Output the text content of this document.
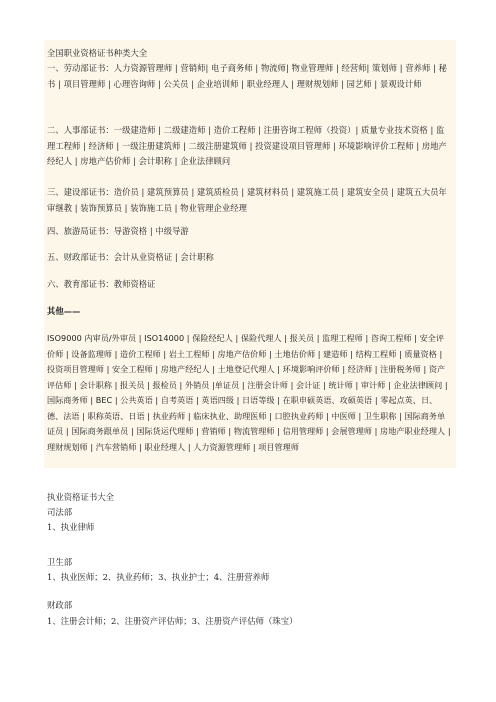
全国职业资格证书种类大全
一、劳动部证书：人力资源管理师 | 营销师| 电子商务师 | 物流师| 物业管理师 | 经营师| 策划师 | 营养师 | 秘书 | 项目管理师 | 心理咨询师 | 公关员 | 企业培训师 | 职业经理人 | 理财规划师 | 园艺师 | 景观设计师
二、人事部证书：一级建造师 | 二级建造师 | 造价工程师 | 注册咨询工程师（投资）| 质量专业技术资格 | 监理工程师 | 经济师 | 一级注册建筑师 | 二级注册建筑师 | 投资建设项目管理师 | 环境影响评价工程师 | 房地产经纪人 | 房地产估价师 | 会计职称 | 企业法律顾问
三、建设部证书：造价员 | 建筑预算员 | 建筑质检员 | 建筑材料员 | 建筑施工员 | 建筑安全员 | 建筑五大员年审继教 | 装饰预算员 | 装饰施工员 | 物业管理企业经理
四、旅游局证书：导游资格 | 中级导游
五、财政部证书：会计从业资格证 | 会计职称
六、教育部证书：教师资格证
其他——
ISO9000 内审员/外审员 | ISO14000 | 保险经纪人 | 保险代理人 | 报关员 | 监理工程师 | 咨询工程师 | 安全评价师 | 设备监理师 | 造价工程师 | 岩土工程师 | 房地产估价师 | 土地估价师 | 建造师 | 结构工程师 | 质量资格 | 投资项目管理师 | 安全工程师 | 房地产经纪人 | 土地登记代理人 | 环境影响评价师 | 经济师 | 注册税务师 | 资产评估师 | 会计职称 | 报关员 | 报检员 | 外销员 |单证员 | 注册会计师 | 会计证 | 统计师 | 审计师 | 企业法律顾问 | 国际商务师 | BEC | 公共英语 | 自考英语 | 英语四级 | 日语等级 | 在职申硕英语、攻硕英语 | 零起点英、日、德、法语 | 职称英语、日语 | 执业药师 | 临床执业、助理医师 | 口腔执业药师 | 中医师 | 卫生职称 | 国际商务单证员 | 国际商务跟单员 | 国际货运代理师 | 营销师 | 物流管理师 | 信用管理师 | 会展管理师 | 房地产职业经理人 | 理财规划师 | 汽车营销师 | 职业经理人 | 人力资源管理师 | 项目管理师
执业资格证书大全
司法部
1、执业律师
卫生部
1、执业医师；2、执业药师；3、执业护士；4、注册营养师
财政部
1、注册会计师；2、注册资产评估师；3、注册资产评估师（珠宝）
